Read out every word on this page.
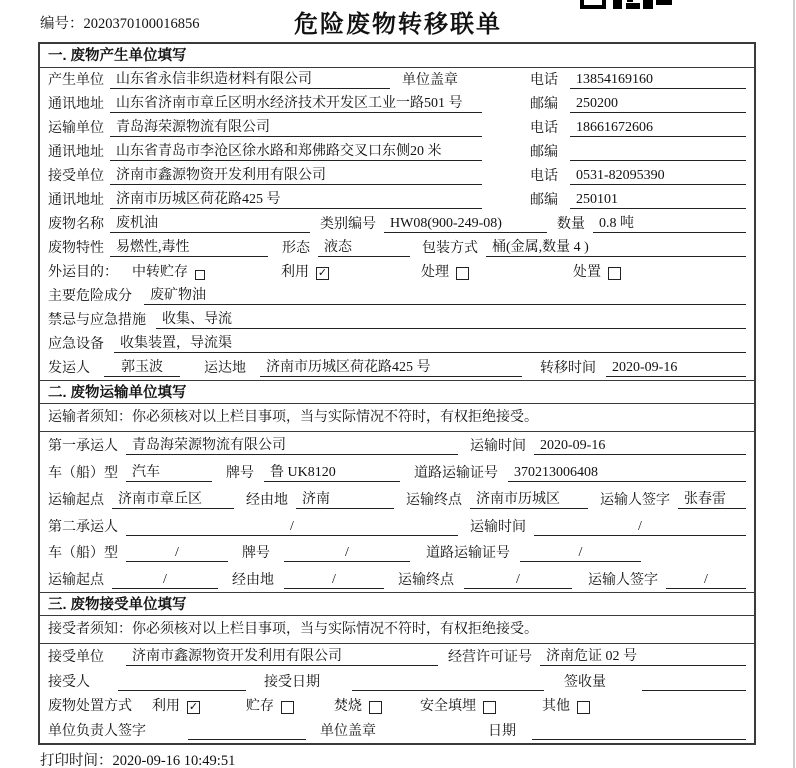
编号：2020370100016856	危险废物转移联单
一. 废物产生单位填写
产生单位 山东省永信非织造材料有限公司	单位盖章	电话	13854169160
通讯地址 山东省济南市章丘区明水经济技术开发区工业一路501 号	邮编	250200
运输单位 青岛海荣源物流有限公司	电话	18661672606
通讯地址 山东省青岛市李沧区徐水路和郑佛路交叉口东侧20 米	邮编
接受单位 济南市鑫源物资开发利用有限公司	电话	0531-82095390
通讯地址 济南市历城区荷花路425 号	邮编	250101
废物名称 废机油	类别编号	HW08(900-249-08)	数量	0.8 吨
废物特性 易燃性,毒性	形态	液态	包装方式	桶(金属,数量 4 )
外运目的： 中转贮存	利用 ✓	处理	处置
主要危险成分	废矿物油
禁忌与应急措施	收集、导流
应急设备	收集装置，导流渠
发运人	郭玉波	运达地	济南市历城区荷花路425 号	转移时间	2020-09-16
二. 废物运输单位填写
运输者须知：你必须核对以上栏目事项，当与实际情况不符时，有权拒绝接受。
第一承运人	青岛海荣源物流有限公司	运输时间	2020-09-16
车（船）型	汽车	牌号	鲁 UK8120	道路运输证号	370213006408
运输起点	济南市章丘区	经由地	济南	运输终点	济南市历城区	运输人签字	张春雷
第二承运人	/	运输时间	/
车（船）型	/	牌号	/	道路运输证号	/
运输起点	/	经由地	/	运输终点	/	运输人签字	/
三. 废物接受单位填写
接受者须知：你必须核对以上栏目事项，当与实际情况不符时，有权拒绝接受。
接受单位	济南市鑫源物资开发利用有限公司	经营许可证号	济南危证 02 号
接受人	接受日期	签收量
废物处置方式 利用 ✓	贮存	焚烧	安全填埋	其他
单位负责人签字	单位盖章	日期
打印时间：2020-09-16 10:49:51
